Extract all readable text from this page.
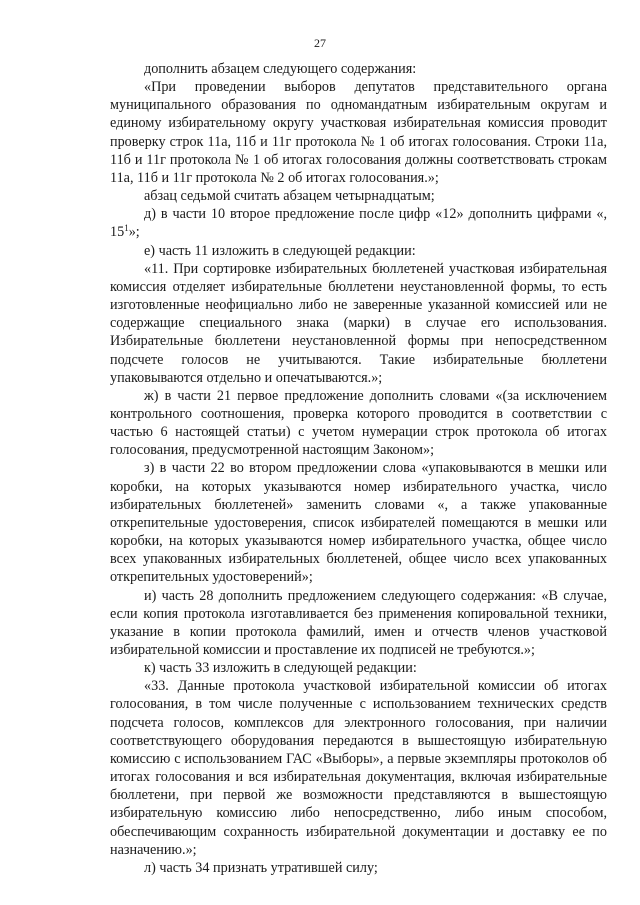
27

дополнить абзацем следующего содержания:

«При проведении выборов депутатов представительного органа муниципального образования по одномандатным избирательным округам и единому избирательному округу участковая избирательная комиссия проводит проверку строк 11а, 11б и 11г протокола № 1 об итогах голосования. Строки 11а, 11б и 11г протокола № 1 об итогах голосования должны соответствовать строкам 11а, 11б и 11г протокола № 2 об итогах голосования.»;

абзац седьмой считать абзацем четырнадцатым;

д) в части 10 второе предложение после цифр «12» дополнить цифрами «, $15^1$»;

е) часть 11 изложить в следующей редакции:

«11. При сортировке избирательных бюллетеней участковая избирательная комиссия отделяет избирательные бюллетени неустановленной формы, то есть изготовленные неофициально либо не заверенные указанной комиссией или не содержащие специального знака (марки) в случае его использования. Избирательные бюллетени неустановленной формы при непосредственном подсчете голосов не учитываются. Такие избирательные бюллетени упаковываются отдельно и опечатываются.»;

ж) в части 21 первое предложение дополнить словами «(за исключением контрольного соотношения, проверка которого проводится в соответствии с частью 6 настоящей статьи) с учетом нумерации строк протокола об итогах голосования, предусмотренной настоящим Законом»;

з) в части 22 во втором предложении слова «упаковываются в мешки или коробки, на которых указываются номер избирательного участка, число избирательных бюллетеней» заменить словами «, а также упакованные открепительные удостоверения, список избирателей помещаются в мешки или коробки, на которых указываются номер избирательного участка, общее число всех упакованных избирательных бюллетеней, общее число всех упакованных открепительных удостоверений»;

и) часть 28 дополнить предложением следующего содержания: «В случае, если копия протокола изготавливается без применения копировальной техники, указание в копии протокола фамилий, имен и отчеств членов участковой избирательной комиссии и проставление их подписей не требуются.»;

к) часть 33 изложить в следующей редакции:

«33. Данные протокола участковой избирательной комиссии об итогах голосования, в том числе полученные с использованием технических средств подсчета голосов, комплексов для электронного голосования, при наличии соответствующего оборудования передаются в вышестоящую избирательную комиссию с использованием ГАС «Выборы», а первые экземпляры протоколов об итогах голосования и вся избирательная документация, включая избирательные бюллетени, при первой же возможности представляются в вышестоящую избирательную комиссию либо непосредственно, либо иным способом, обеспечивающим сохранность избирательной документации и доставку ее по назначению.»;

л) часть 34 признать утратившей силу;
